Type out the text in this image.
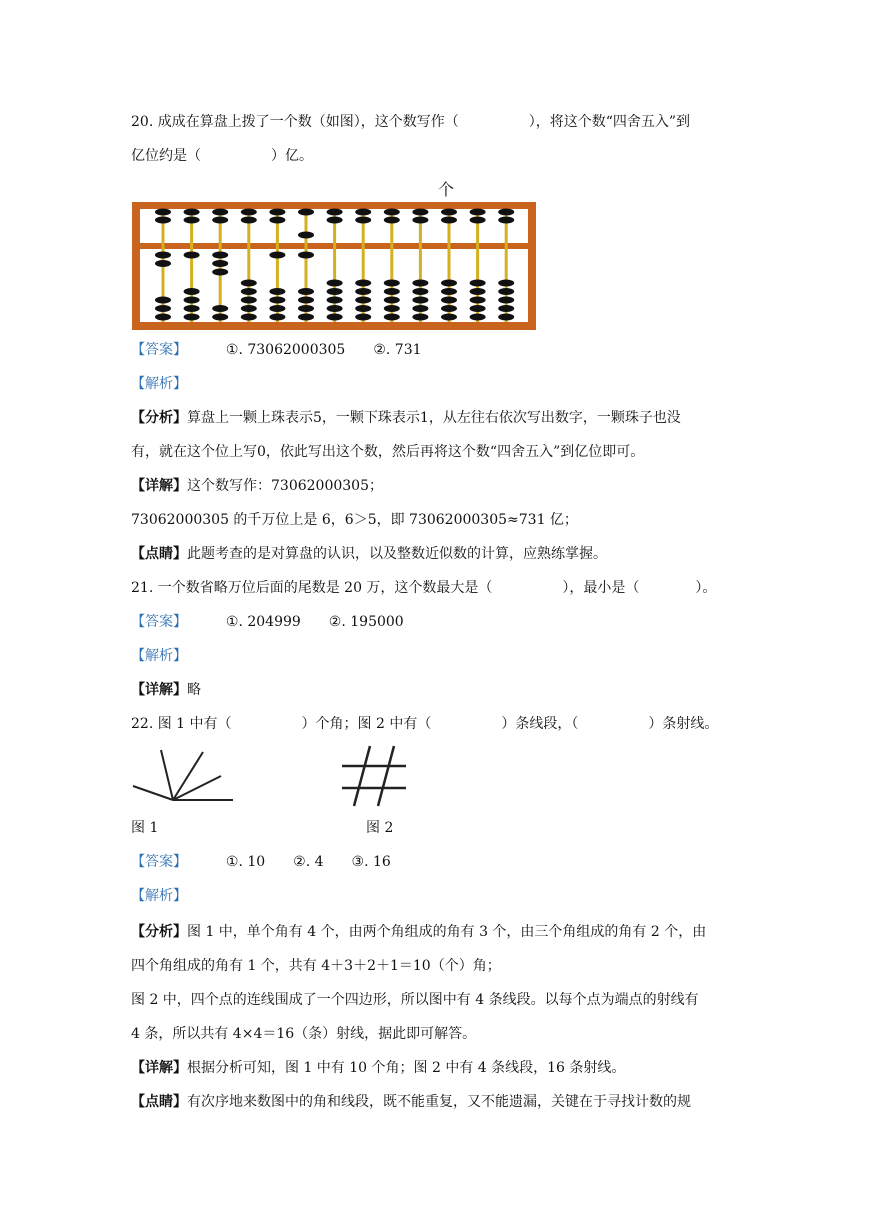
20. 成成在算盘上拨了一个数（如图），这个数写作（　　　　　），将这个数“四舍五入”到
亿位约是（　　　　　）亿。
个
【答案】	①. 73062000305　　②. 731
【解析】
【分析】算盘上一颗上珠表示5，一颗下珠表示1，从左往右依次写出数字，一颗珠子也没
有，就在这个位上写0，依此写出这个数，然后再将这个数“四舍五入”到亿位即可。
【详解】这个数写作：73062000305；
73062000305 的千万位上是 6，6＞5，即 73062000305≈731 亿；
【点睛】此题考查的是对算盘的认识，以及整数近似数的计算，应熟练掌握。
21. 一个数省略万位后面的尾数是 20 万，这个数最大是（　　　　　），最小是（　　　　）。
【答案】	①. 204999　　②. 195000
【解析】
【详解】略
22. 图 1 中有（　　　　　）个角；图 2 中有（　　　　　）条线段，（　　　　　）条射线。
图 1	图 2
【答案】	①. 10　　②. 4　　③. 16
【解析】
【分析】图 1 中，单个角有 4 个，由两个角组成的角有 3 个，由三个角组成的角有 2 个，由
四个角组成的角有 1 个，共有 4＋3＋2＋1＝10（个）角；
图 2 中，四个点的连线围成了一个四边形，所以图中有 4 条线段。以每个点为端点的射线有
4 条，所以共有 4×4＝16（条）射线，据此即可解答。
【详解】根据分析可知，图 1 中有 10 个角；图 2 中有 4 条线段，16 条射线。
【点睛】有次序地来数图中的角和线段，既不能重复，又不能遗漏，关键在于寻找计数的规
